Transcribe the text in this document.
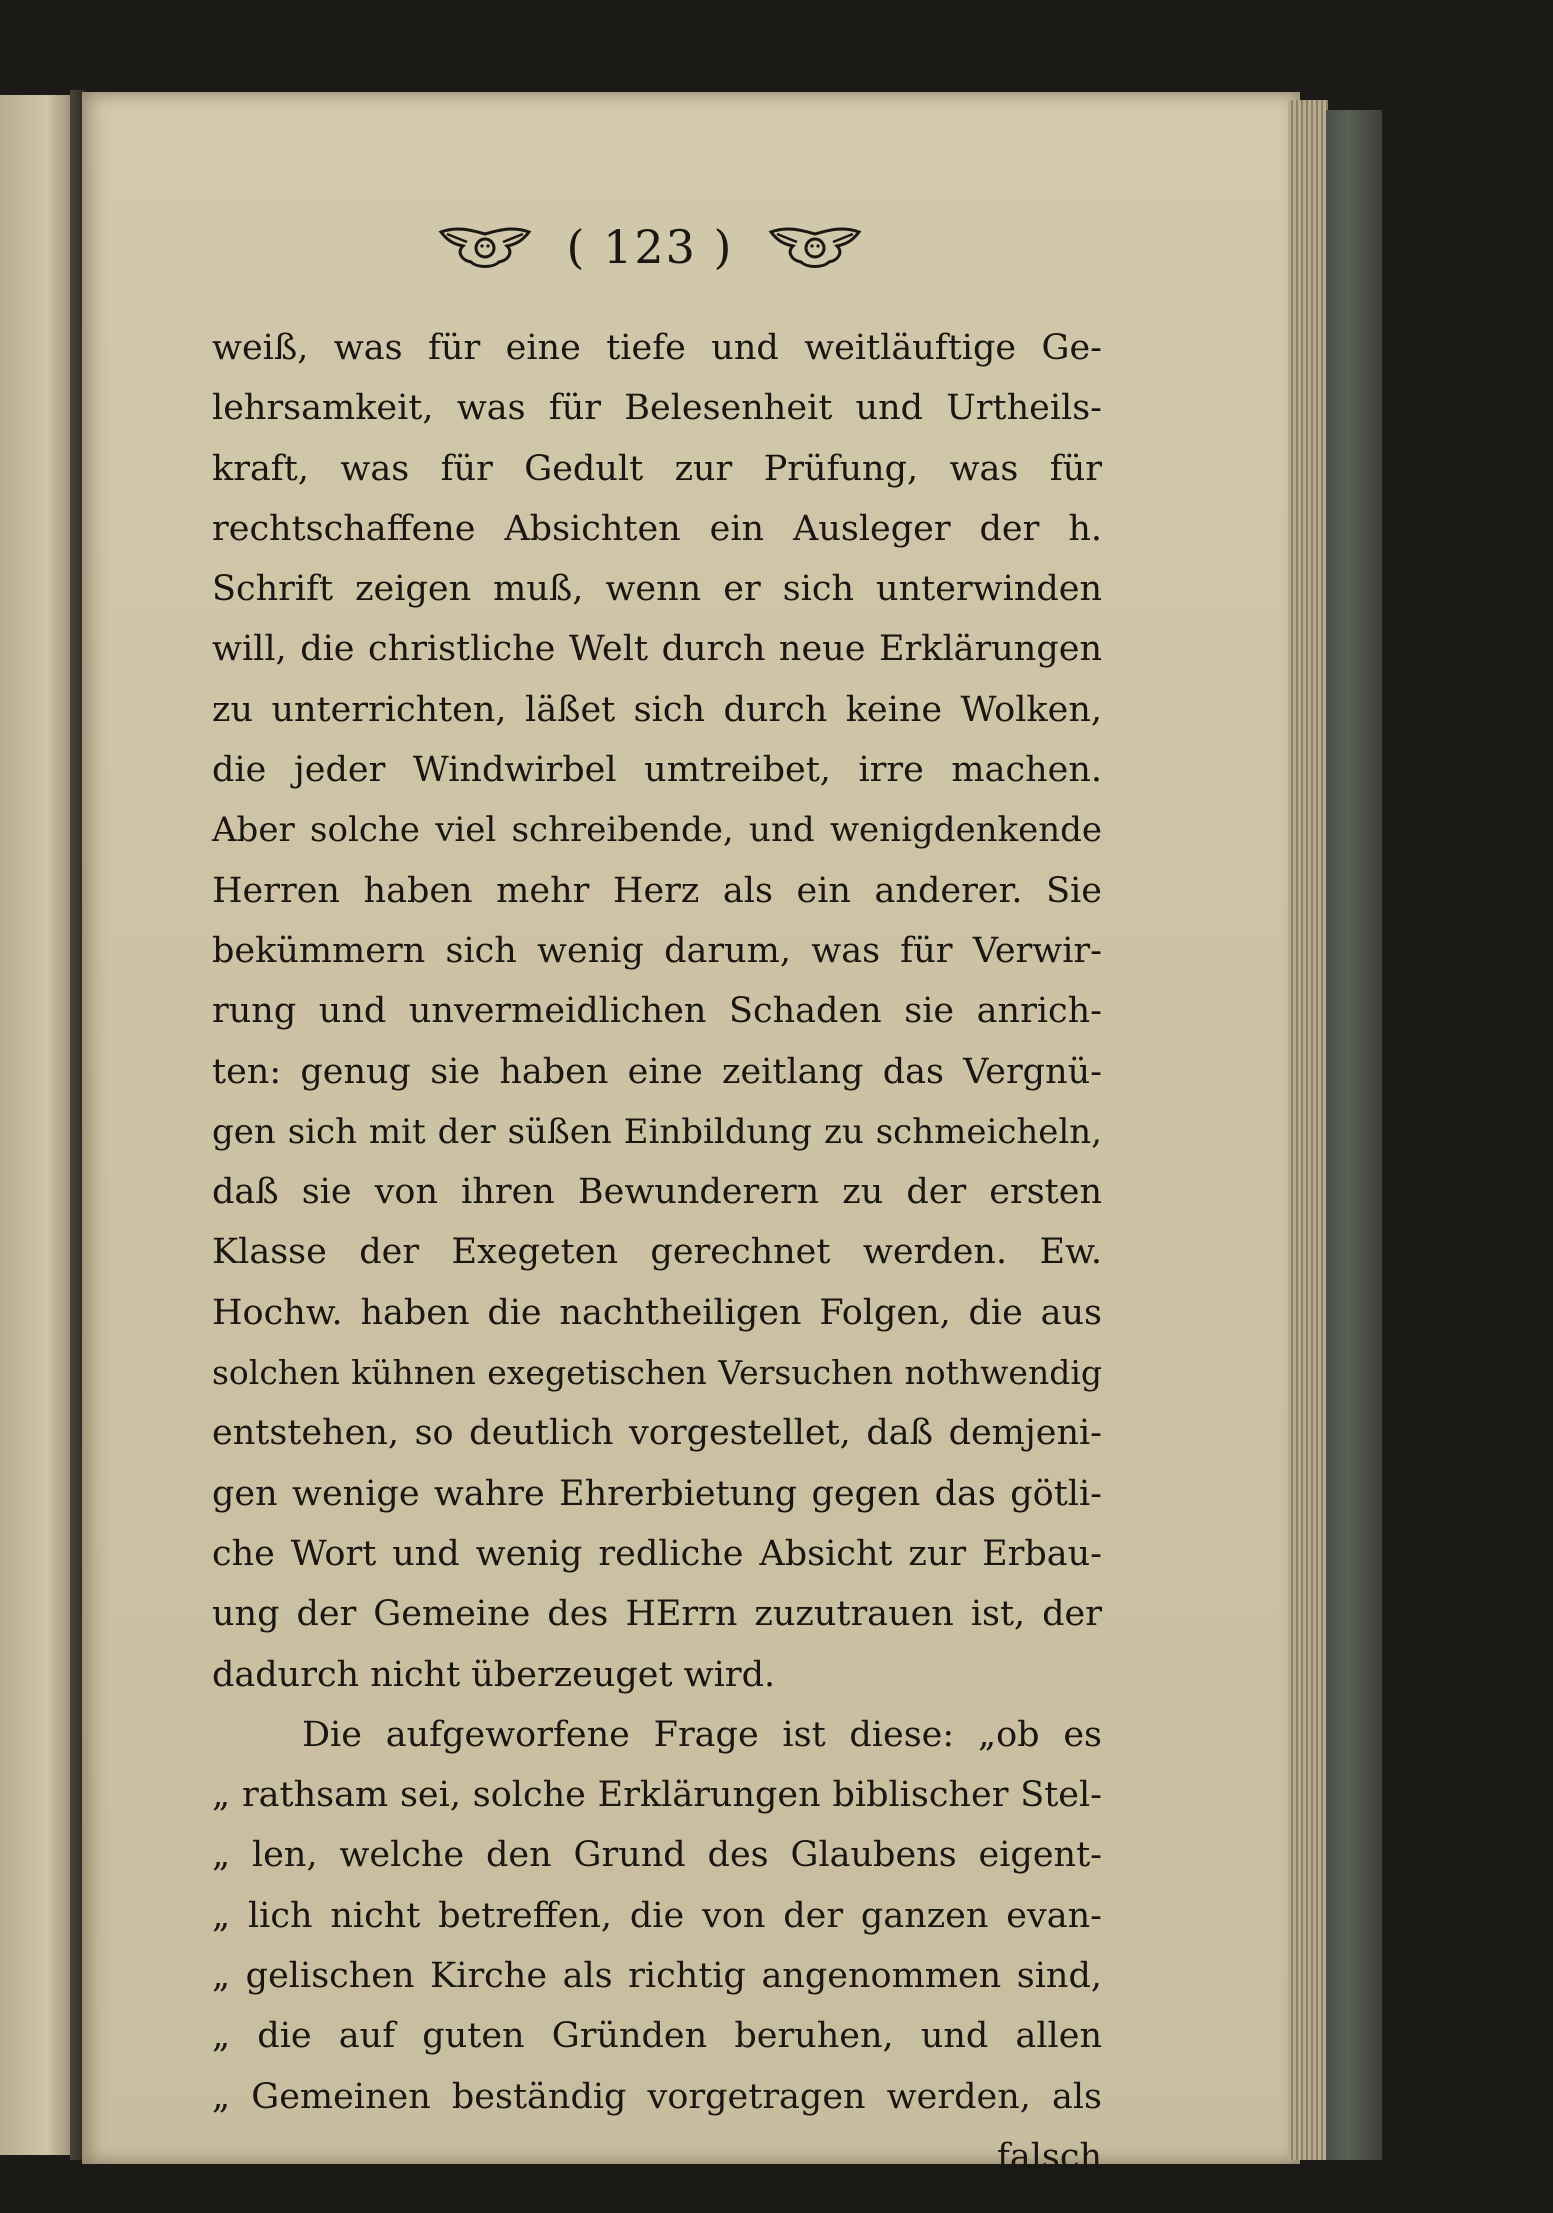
( 123 )
weiß, was für eine tiefe und weitläuftige Ge-
lehrsamkeit, was für Belesenheit und Urtheils-
kraft, was für Gedult zur Prüfung, was für
rechtschaffene Absichten ein Ausleger der h.
Schrift zeigen muß, wenn er sich unterwinden
will, die christliche Welt durch neue Erklärungen
zu unterrichten, läßet sich durch keine Wolken,
die jeder Windwirbel umtreibet, irre machen.
Aber solche viel schreibende, und wenigdenkende
Herren haben mehr Herz als ein anderer. Sie
bekümmern sich wenig darum, was für Verwir-
rung und unvermeidlichen Schaden sie anrich-
ten: genug sie haben eine zeitlang das Vergnü-
gen sich mit der süßen Einbildung zu schmeicheln,
daß sie von ihren Bewunderern zu der ersten
Klasse der Exegeten gerechnet werden. Ew.
Hochw. haben die nachtheiligen Folgen, die aus
solchen kühnen exegetischen Versuchen nothwendig
entstehen, so deutlich vorgestellet, daß demjeni-
gen wenige wahre Ehrerbietung gegen das götli-
che Wort und wenig redliche Absicht zur Erbau-
ung der Gemeine des HErrn zuzutrauen ist, der
dadurch nicht überzeuget wird.
Die aufgeworfene Frage ist diese: „ob es
„ rathsam sei, solche Erklärungen biblischer Stel-
„ len, welche den Grund des Glaubens eigent-
„ lich nicht betreffen, die von der ganzen evan-
„ gelischen Kirche als richtig angenommen sind,
„ die auf guten Gründen beruhen, und allen
„ Gemeinen beständig vorgetragen werden, als
„ falsch
